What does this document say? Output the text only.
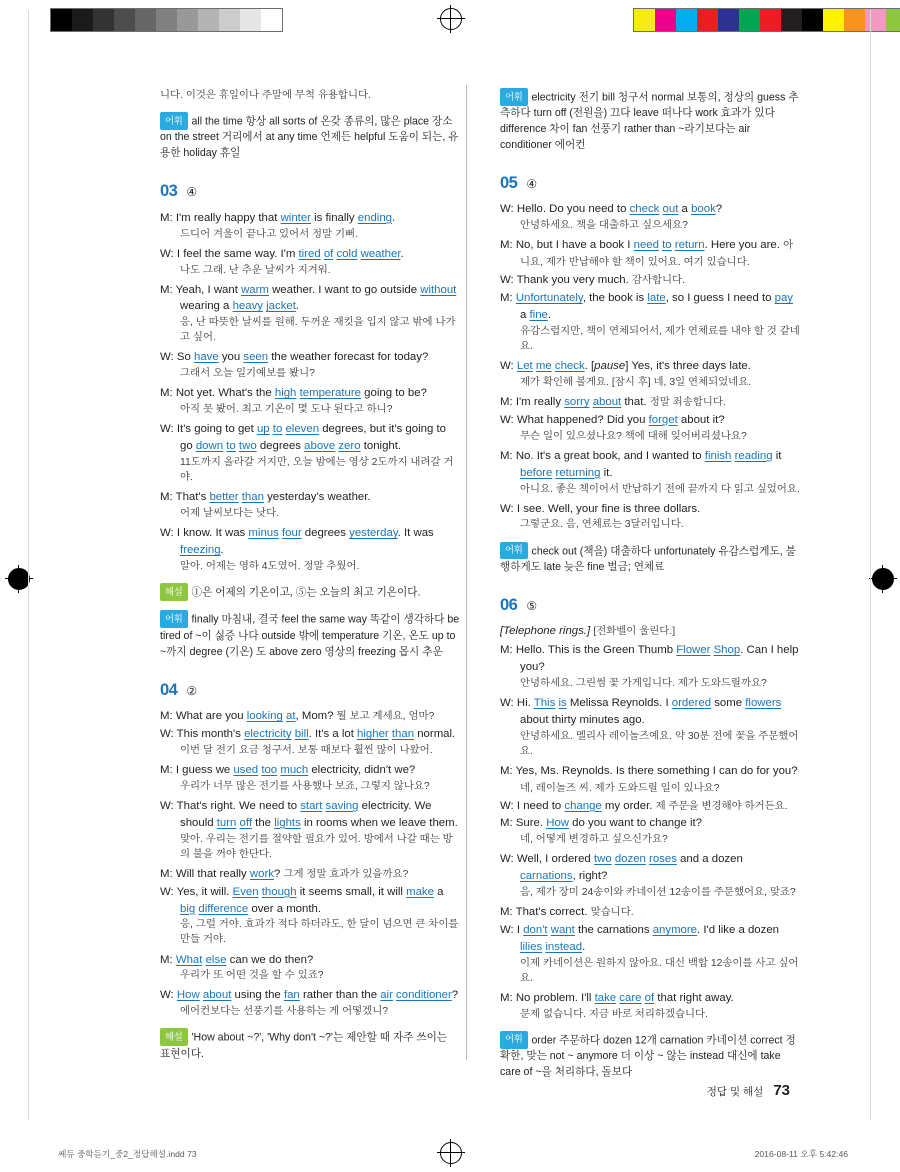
니다. 이것은 휴일이나 주말에 무척 유용합니다.
어휘 all the time 항상 all sorts of 온갖 종류의, 많은 place 장소 on the street 거리에서 at any time 언제든 helpful 도움이 되는, 유용한 holiday 휴일
03 ④
M: I'm really happy that winter is finally ending.
드디어 겨울이 끝나고 있어서 정말 기뻐.
W: I feel the same way. I'm tired of cold weather.
나도 그래. 난 추운 날씨가 지겨워.
M: Yeah, I want warm weather. I want to go outside without wearing a heavy jacket.
응, 난 따뜻한 날씨를 원해. 두꺼운 재킷을 입지 않고 밖에 나가고 싶어.
W: So have you seen the weather forecast for today?
그래서 오늘 일기예보를 봤니?
M: Not yet. What's the high temperature going to be?
아직 못 봤어. 최고 기온이 몇 도나 된다고 하니?
W: It's going to get up to eleven degrees, but it's going to go down to two degrees above zero tonight.
11도까지 올라갈 거지만, 오늘 밤에는 영상 2도까지 내려갈 거야.
M: That's better than yesterday's weather.
어제 날씨보다는 낫다.
W: I know. It was minus four degrees yesterday. It was freezing.
알아. 어제는 영하 4도였어. 정말 추웠어.
해설 ①은 어제의 기온이고, ⑤는 오늘의 최고 기온이다.
어휘 finally 마침내, 결국 feel the same way 똑같이 생각하다 be tired of ~이 싫증 나다 outside 밖에 temperature 기온, 온도 up to ~까지 degree (기온) 도 above zero 영상의 freezing 몹시 추운
04 ②
M: What are you looking at, Mom? 뭘 보고 계세요, 엄마?
W: This month's electricity bill. It's a lot higher than normal.
이번 달 전기 요금 청구서. 보통 때보다 훨씬 많이 나왔어.
M: I guess we used too much electricity, didn't we?
우리가 너무 많은 전기를 사용했나 보죠, 그렇지 않나요?
W: That's right. We need to start saving electricity. We should turn off the lights in rooms when we leave them.
맞아. 우리는 전기를 절약할 필요가 있어. 방에서 나갈 때는 방의 불을 꺼야 한단다.
M: Will that really work? 그게 정말 효과가 있을까요?
W: Yes, it will. Even though it seems small, it will make a big difference over a month.
응, 그럴 거야. 효과가 적다 하더라도, 한 달이 넘으면 큰 차이를 만들 거야.
M: What else can we do then?
우리가 또 어떤 것을 할 수 있죠?
W: How about using the fan rather than the air conditioner?
에어컨보다는 선풍기를 사용하는 게 어떻겠니?
해설 'How about ~?', 'Why don't ~?'는 제안할 때 자주 쓰이는 표현이다.
어휘 electricity 전기 bill 청구서 normal 보통의, 정상의 guess 추측하다 turn off (전원을) 끄다 leave 떠나다 work 효과가 있다 difference 차이 fan 선풍기 rather than ~라기보다는 air conditioner 에어컨
05 ④
W: Hello. Do you need to check out a book?
안녕하세요. 책을 대출하고 싶으세요?
M: No, but I have a book I need to return. Here you are. 아니요, 제가 반납해야 할 책이 있어요. 여기 있습니다.
W: Thank you very much. 감사합니다.
M: Unfortunately, the book is late, so I guess I need to pay a fine.
유감스럽지만, 책이 연체되어서, 제가 연체료를 내야 할 것 같네요.
W: Let me check. [pause] Yes, it's three days late.
제가 확인해 볼게요. [잠시 후] 네, 3일 연체되었네요.
M: I'm really sorry about that. 정말 죄송합니다.
W: What happened? Did you forget about it?
무슨 일이 있으셨나요? 책에 대해 잊어버리셨나요?
M: No. It's a great book, and I wanted to finish reading it before returning it.
아니요. 좋은 책이어서 반납하기 전에 끝까지 다 읽고 싶었어요.
W: I see. Well, your fine is three dollars.
그렇군요. 음, 연체료는 3달러입니다.
어휘 check out (책을) 대출하다 unfortunately 유감스럽게도, 불행하게도 late 늦은 fine 벌금; 연체료
06 ⑤
[Telephone rings.] [전화벨이 울린다.]
M: Hello. This is the Green Thumb Flower Shop. Can I help you?
안녕하세요. 그린썸 꽃 가게입니다. 제가 도와드릴까요?
W: Hi. This is Melissa Reynolds. I ordered some flowers about thirty minutes ago.
안녕하세요. 멜리사 레이놀즈예요. 약 30분 전에 꽃을 주문했어요.
M: Yes, Ms. Reynolds. Is there something I can do for you? 네, 레이놀즈 씨. 제가 도와드릴 일이 있나요?
W: I need to change my order. 제 주문을 변경해야 하거든요.
M: Sure. How do you want to change it?
네, 어떻게 변경하고 싶으신가요?
W: Well, I ordered two dozen roses and a dozen carnations, right?
음, 제가 장미 24송이와 카네이션 12송이를 주문했어요, 맞죠?
M: That's correct. 맞습니다.
W: I don't want the carnations anymore. I'd like a dozen lilies instead.
이제 카네이션은 원하지 않아요. 대신 백합 12송이를 사고 싶어요.
M: No problem. I'll take care of that right away.
문제 없습니다. 지금 바로 처리하겠습니다.
어휘 order 주문하다 dozen 12개 carnation 카네이션 correct 정확한, 맞는 not ~ anymore 더 이상 ~ 않는 instead 대신에 take care of ~을 처리하다, 돌보다
정답 및 해설 73
쎄듀 중학듣기_중2_정답해설.indd 73	2016-08-11 오후 5:42:46
